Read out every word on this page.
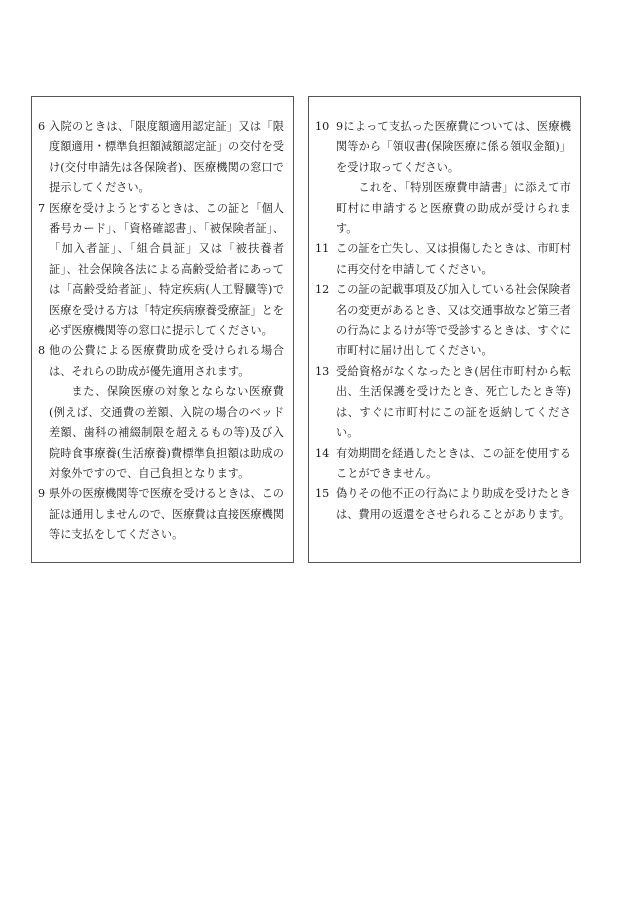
6 入院のときは、「限度額適用認定証」又は「限度額適用・標準負担額減額認定証」の交付を受け(交付申請先は各保険者)、医療機関の窓口で提示してください。
7 医療を受けようとするときは、この証と「個人番号カード」、「資格確認書」、「被保険者証」、「加入者証」、「組合員証」又は「被扶養者証」、社会保険各法による高齢受給者にあっては「高齢受給者証」、特定疾病(人工腎臓等)で医療を受ける方は「特定疾病療養受療証」とを必ず医療機関等の窓口に提示してください。
8 他の公費による医療費助成を受けられる場合は、それらの助成が優先適用されます。
また、保険医療の対象とならない医療費(例えば、交通費の差額、入院の場合のベッド差額、歯科の補綴制限を超えるもの等)及び入院時食事療養(生活療養)費標準負担額は助成の対象外ですので、自己負担となります。
9 県外の医療機関等で医療を受けるときは、この証は通用しませんので、医療費は直接医療機関等に支払をしてください。
10 9によって支払った医療費については、医療機関等から「領収書(保険医療に係る領収金額)」を受け取ってください。
これを、「特別医療費申請書」に添えて市町村に申請すると医療費の助成が受けられます。
11 この証を亡失し、又は損傷したときは、市町村に再交付を申請してください。
12 この証の記載事項及び加入している社会保険者名の変更があるとき、又は交通事故など第三者の行為によるけが等で受診するときは、すぐに市町村に届け出してください。
13 受給資格がなくなったとき(居住市町村から転出、生活保護を受けたとき、死亡したとき等)は、すぐに市町村にこの証を返納してください。
14 有効期間を経過したときは、この証を使用することができません。
15 偽りその他不正の行為により助成を受けたときは、費用の返還をさせられることがあります。
